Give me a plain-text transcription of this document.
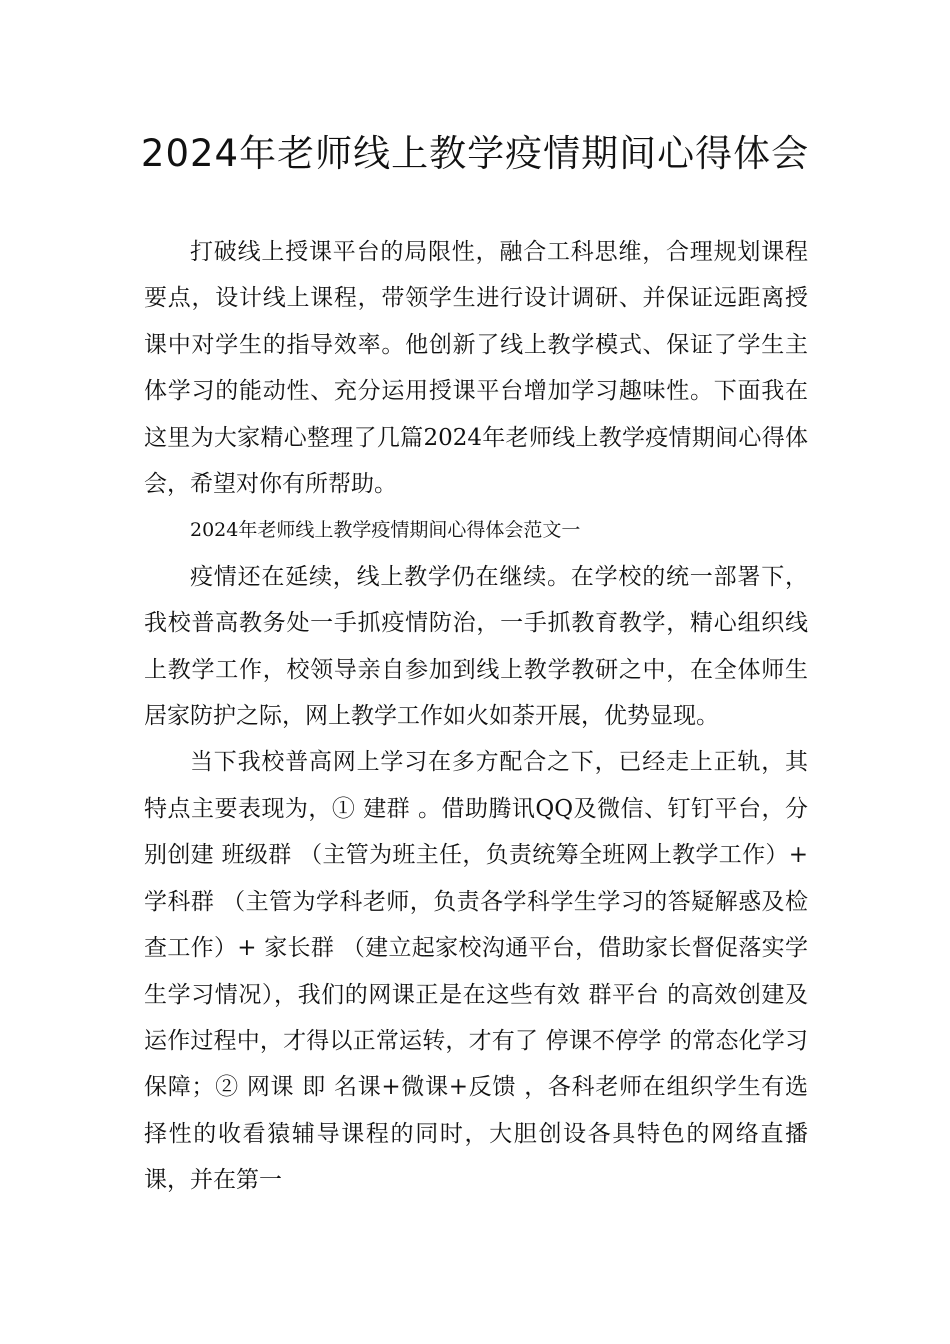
2024年老师线上教学疫情期间心得体会

打破线上授课平台的局限性，融合工科思维，合理规划课程要点，设计线上课程，带领学生进行设计调研、并保证远距离授课中对学生的指导效率。他创新了线上教学模式、保证了学生主体学习的能动性、充分运用授课平台增加学习趣味性。下面我在这里为大家精心整理了几篇2024年老师线上教学疫情期间心得体会，希望对你有所帮助。

2024年老师线上教学疫情期间心得体会范文一

疫情还在延续，线上教学仍在继续。在学校的统一部署下，我校普高教务处一手抓疫情防治，一手抓教育教学，精心组织线上教学工作，校领导亲自参加到线上教学教研之中，在全体师生居家防护之际，网上教学工作如火如荼开展，优势显现。

当下我校普高网上学习在多方配合之下，已经走上正轨，其特点主要表现为，① 建群 。借助腾讯QQ及微信、钉钉平台，分别创建 班级群 （主管为班主任，负责统筹全班网上教学工作）+ 学科群 （主管为学科老师，负责各学科学生学习的答疑解惑及检查工作）+ 家长群 （建立起家校沟通平台，借助家长督促落实学生学习情况），我们的网课正是在这些有效 群平台 的高效创建及运作过程中，才得以正常运转，才有了 停课不停学 的常态化学习保障；② 网课 即 名课+微课+反馈 ，各科老师在组织学生有选择性的收看猿辅导课程的同时，大胆创设各具特色的网络直播课，并在第一
